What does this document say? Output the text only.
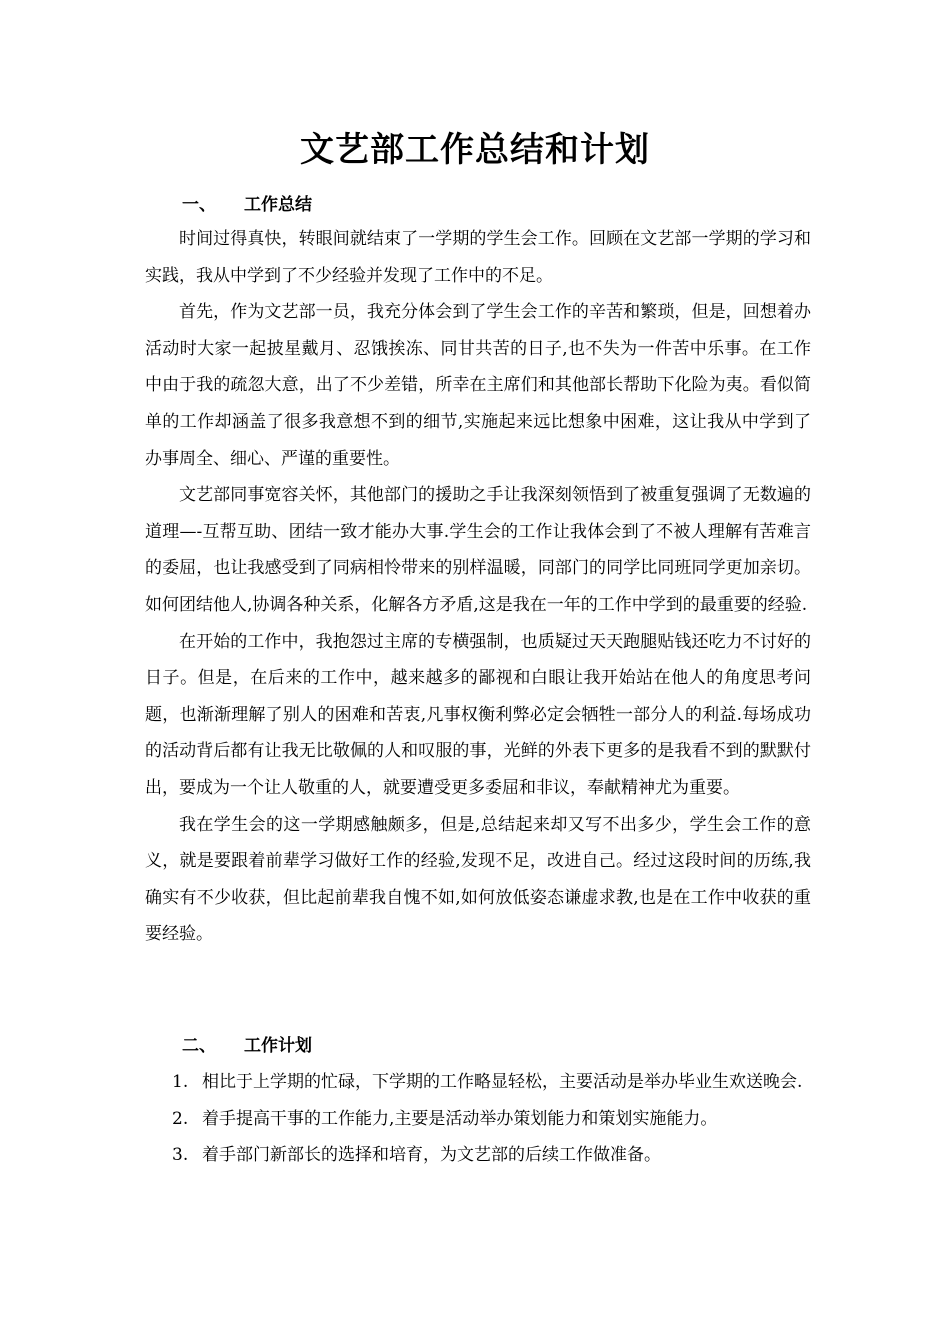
文艺部工作总结和计划
一、 工作总结

时间过得真快，转眼间就结束了一学期的学生会工作。回顾在文艺部一学期的学习和实践，我从中学到了不少经验并发现了工作中的不足。

首先，作为文艺部一员，我充分体会到了学生会工作的辛苦和繁琐，但是，回想着办活动时大家一起披星戴月、忍饿挨冻、同甘共苦的日子,也不失为一件苦中乐事。在工作中由于我的疏忽大意，出了不少差错，所幸在主席们和其他部长帮助下化险为夷。看似简单的工作却涵盖了很多我意想不到的细节,实施起来远比想象中困难，这让我从中学到了办事周全、细心、严谨的重要性。

文艺部同事宽容关怀，其他部门的援助之手让我深刻领悟到了被重复强调了无数遍的道理—-互帮互助、团结一致才能办大事.学生会的工作让我体会到了不被人理解有苦难言的委屈，也让我感受到了同病相怜带来的别样温暖，同部门的同学比同班同学更加亲切。如何团结他人,协调各种关系，化解各方矛盾,这是我在一年的工作中学到的最重要的经验.

在开始的工作中，我抱怨过主席的专横强制，也质疑过天天跑腿贴钱还吃力不讨好的日子。但是，在后来的工作中，越来越多的鄙视和白眼让我开始站在他人的角度思考问题，也渐渐理解了别人的困难和苦衷,凡事权衡利弊必定会牺牲一部分人的利益.每场成功的活动背后都有让我无比敬佩的人和叹服的事，光鲜的外表下更多的是我看不到的默默付出，要成为一个让人敬重的人，就要遭受更多委屈和非议，奉献精神尤为重要。

我在学生会的这一学期感触颇多，但是,总结起来却又写不出多少，学生会工作的意义，就是要跟着前辈学习做好工作的经验,发现不足，改进自己。经过这段时间的历练,我确实有不少收获，但比起前辈我自愧不如,如何放低姿态谦虚求教,也是在工作中收获的重要经验。

二、 工作计划
1. 相比于上学期的忙碌，下学期的工作略显轻松，主要活动是举办毕业生欢送晚会.
2. 着手提高干事的工作能力,主要是活动举办策划能力和策划实施能力。
3. 着手部门新部长的选择和培育，为文艺部的后续工作做准备。
